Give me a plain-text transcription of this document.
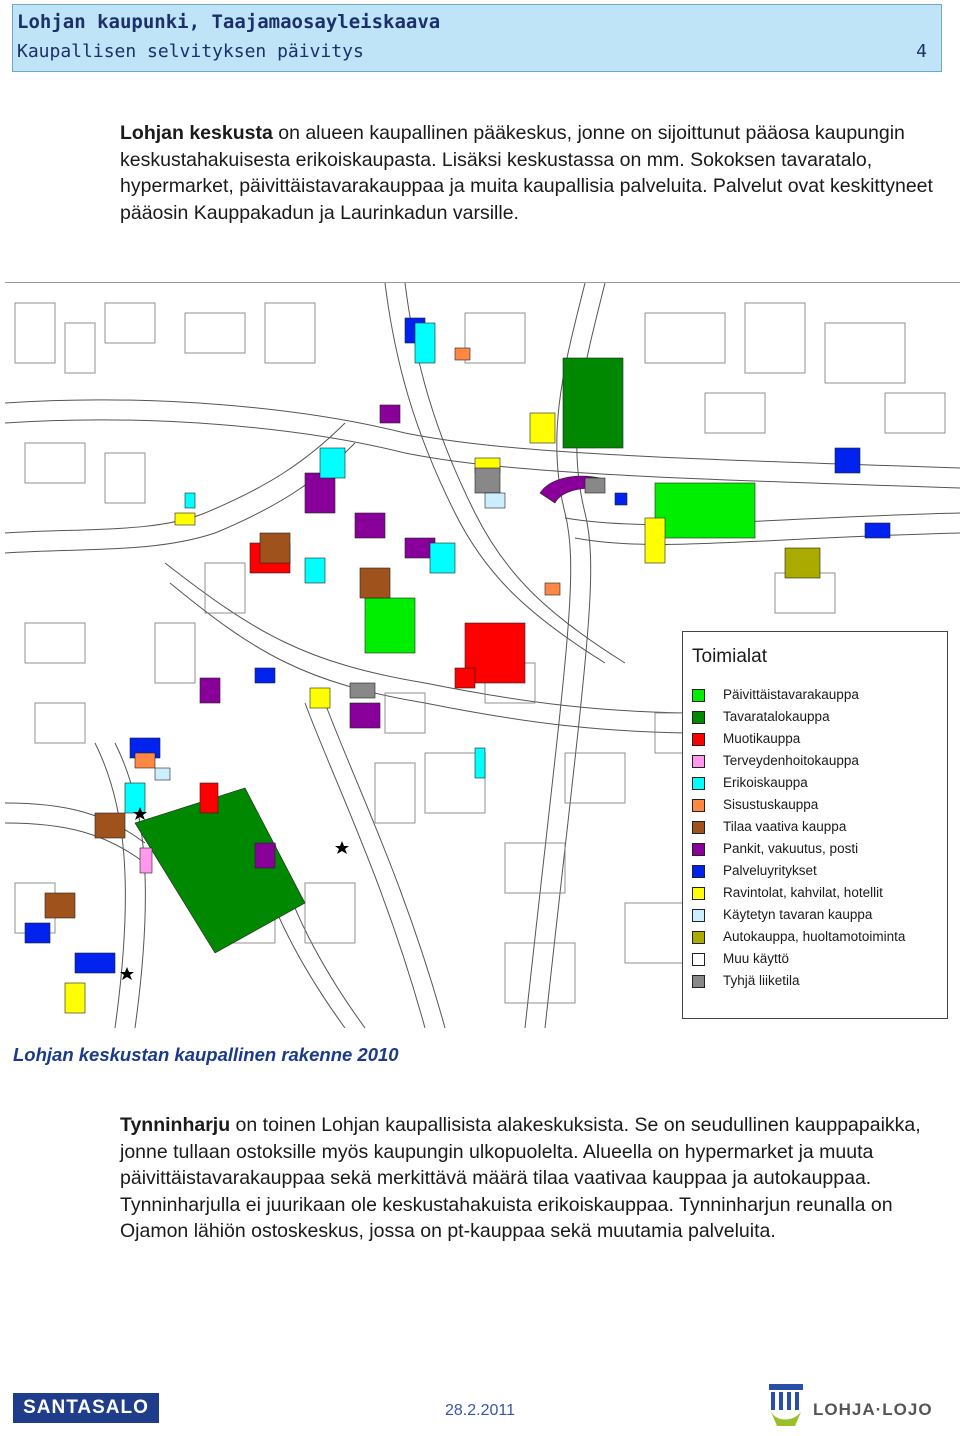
Lohjan kaupunki, Taajamaosayleiskaava
Kaupallisen selvityksen päivitys	4
Lohjan keskusta on alueen kaupallinen pääkeskus, jonne on sijoittunut pääosa kaupungin keskustahakuisesta erikoiskaupasta. Lisäksi keskustassa on mm. Sokoksen tavaratalo, hypermarket, päivittäistavarakauppaa ja muita kaupallisia palveluita. Palvelut ovat keskittyneet pääosin Kauppakadun ja Laurinkadun varsille.
Toimialat
Päivittäistavarakauppa
Tavaratalokauppa
Muotikauppa
Terveydenhoitokauppa
Erikoiskauppa
Sisustuskauppa
Tilaa vaativa kauppa
Pankit, vakuutus, posti
Palveluyritykset
Ravintolat, kahvilat, hotellit
Käytetyn tavaran kauppa
Autokauppa, huoltamotoiminta
Muu käyttö
Tyhjä liiketila
Lohjan keskustan kaupallinen rakenne 2010
Tynninharju on toinen Lohjan kaupallisista alakeskuksista. Se on seudullinen kauppapaikka, jonne tullaan ostoksille myös kaupungin ulkopuolelta. Alueella on hypermarket ja muuta päivittäistavarakauppaa sekä merkittävä määrä tilaa vaativaa kauppaa ja autokauppaa. Tynninharjulla ei juurikaan ole keskustahakuista erikoiskauppaa. Tynninharjun reunalla on Ojamon lähiön ostoskeskus, jossa on pt-kauppaa sekä muutamia palveluita.
SANTASALO	28.2.2011	LOHJA·LOJO
